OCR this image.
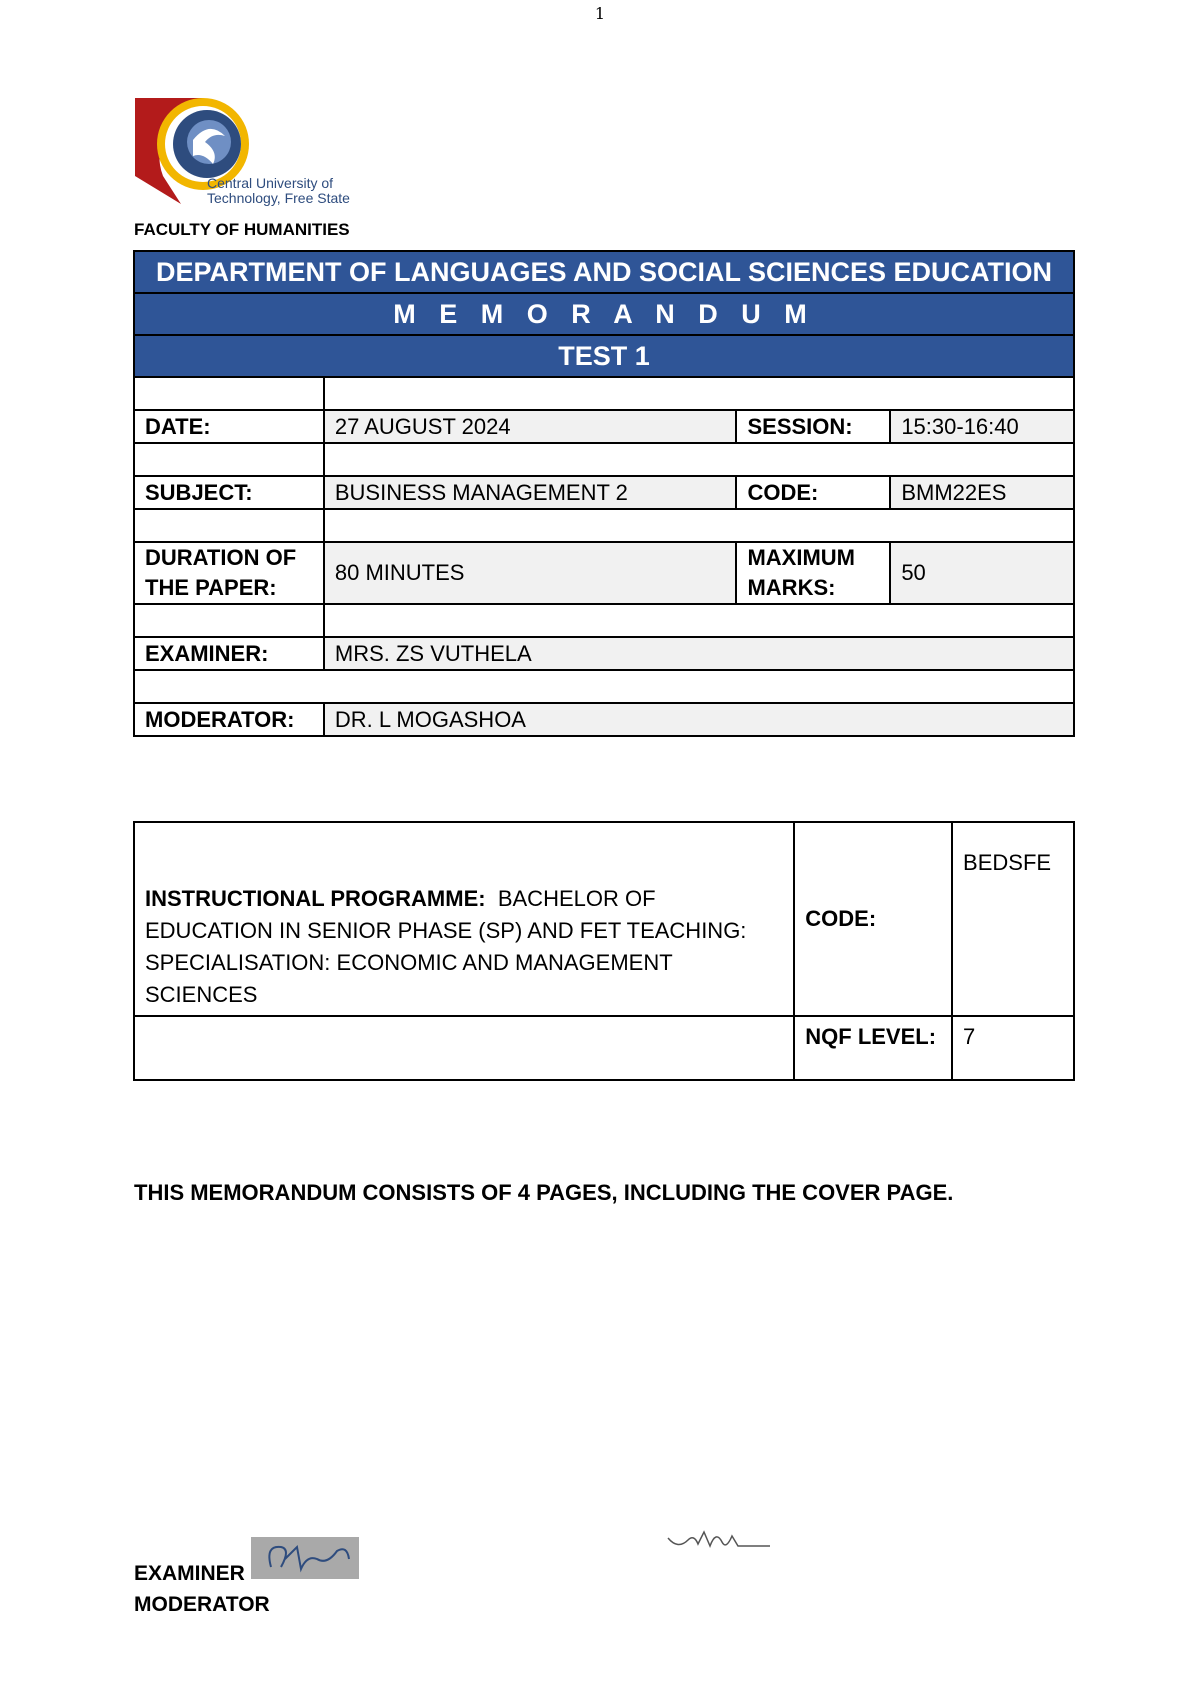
1
Central University of
Technology, Free State
FACULTY OF HUMANITIES
DEPARTMENT OF LANGUAGES AND SOCIAL SCIENCES EDUCATION			
M E M O R A N D U M			
TEST 1			

DATE:	27 AUGUST 2024	SESSION:	15:30-16:40

SUBJECT:	BUSINESS MANAGEMENT 2	CODE:	BMM22ES

DURATION OF THE PAPER:	80 MINUTES	MAXIMUM MARKS:	50

EXAMINER:	MRS. ZS VUTHELA		

MODERATOR:	DR. L MOGASHOA		
INSTRUCTIONAL PROGRAMME: BACHELOR OF EDUCATION IN SENIOR PHASE (SP) AND FET TEACHING: SPECIALISATION: ECONOMIC AND MANAGEMENT SCIENCES	CODE:	BEDSFE
	NQF LEVEL:	7
THIS MEMORANDUM CONSISTS OF 4 PAGES, INCLUDING THE COVER PAGE.
EXAMINER
MODERATOR
